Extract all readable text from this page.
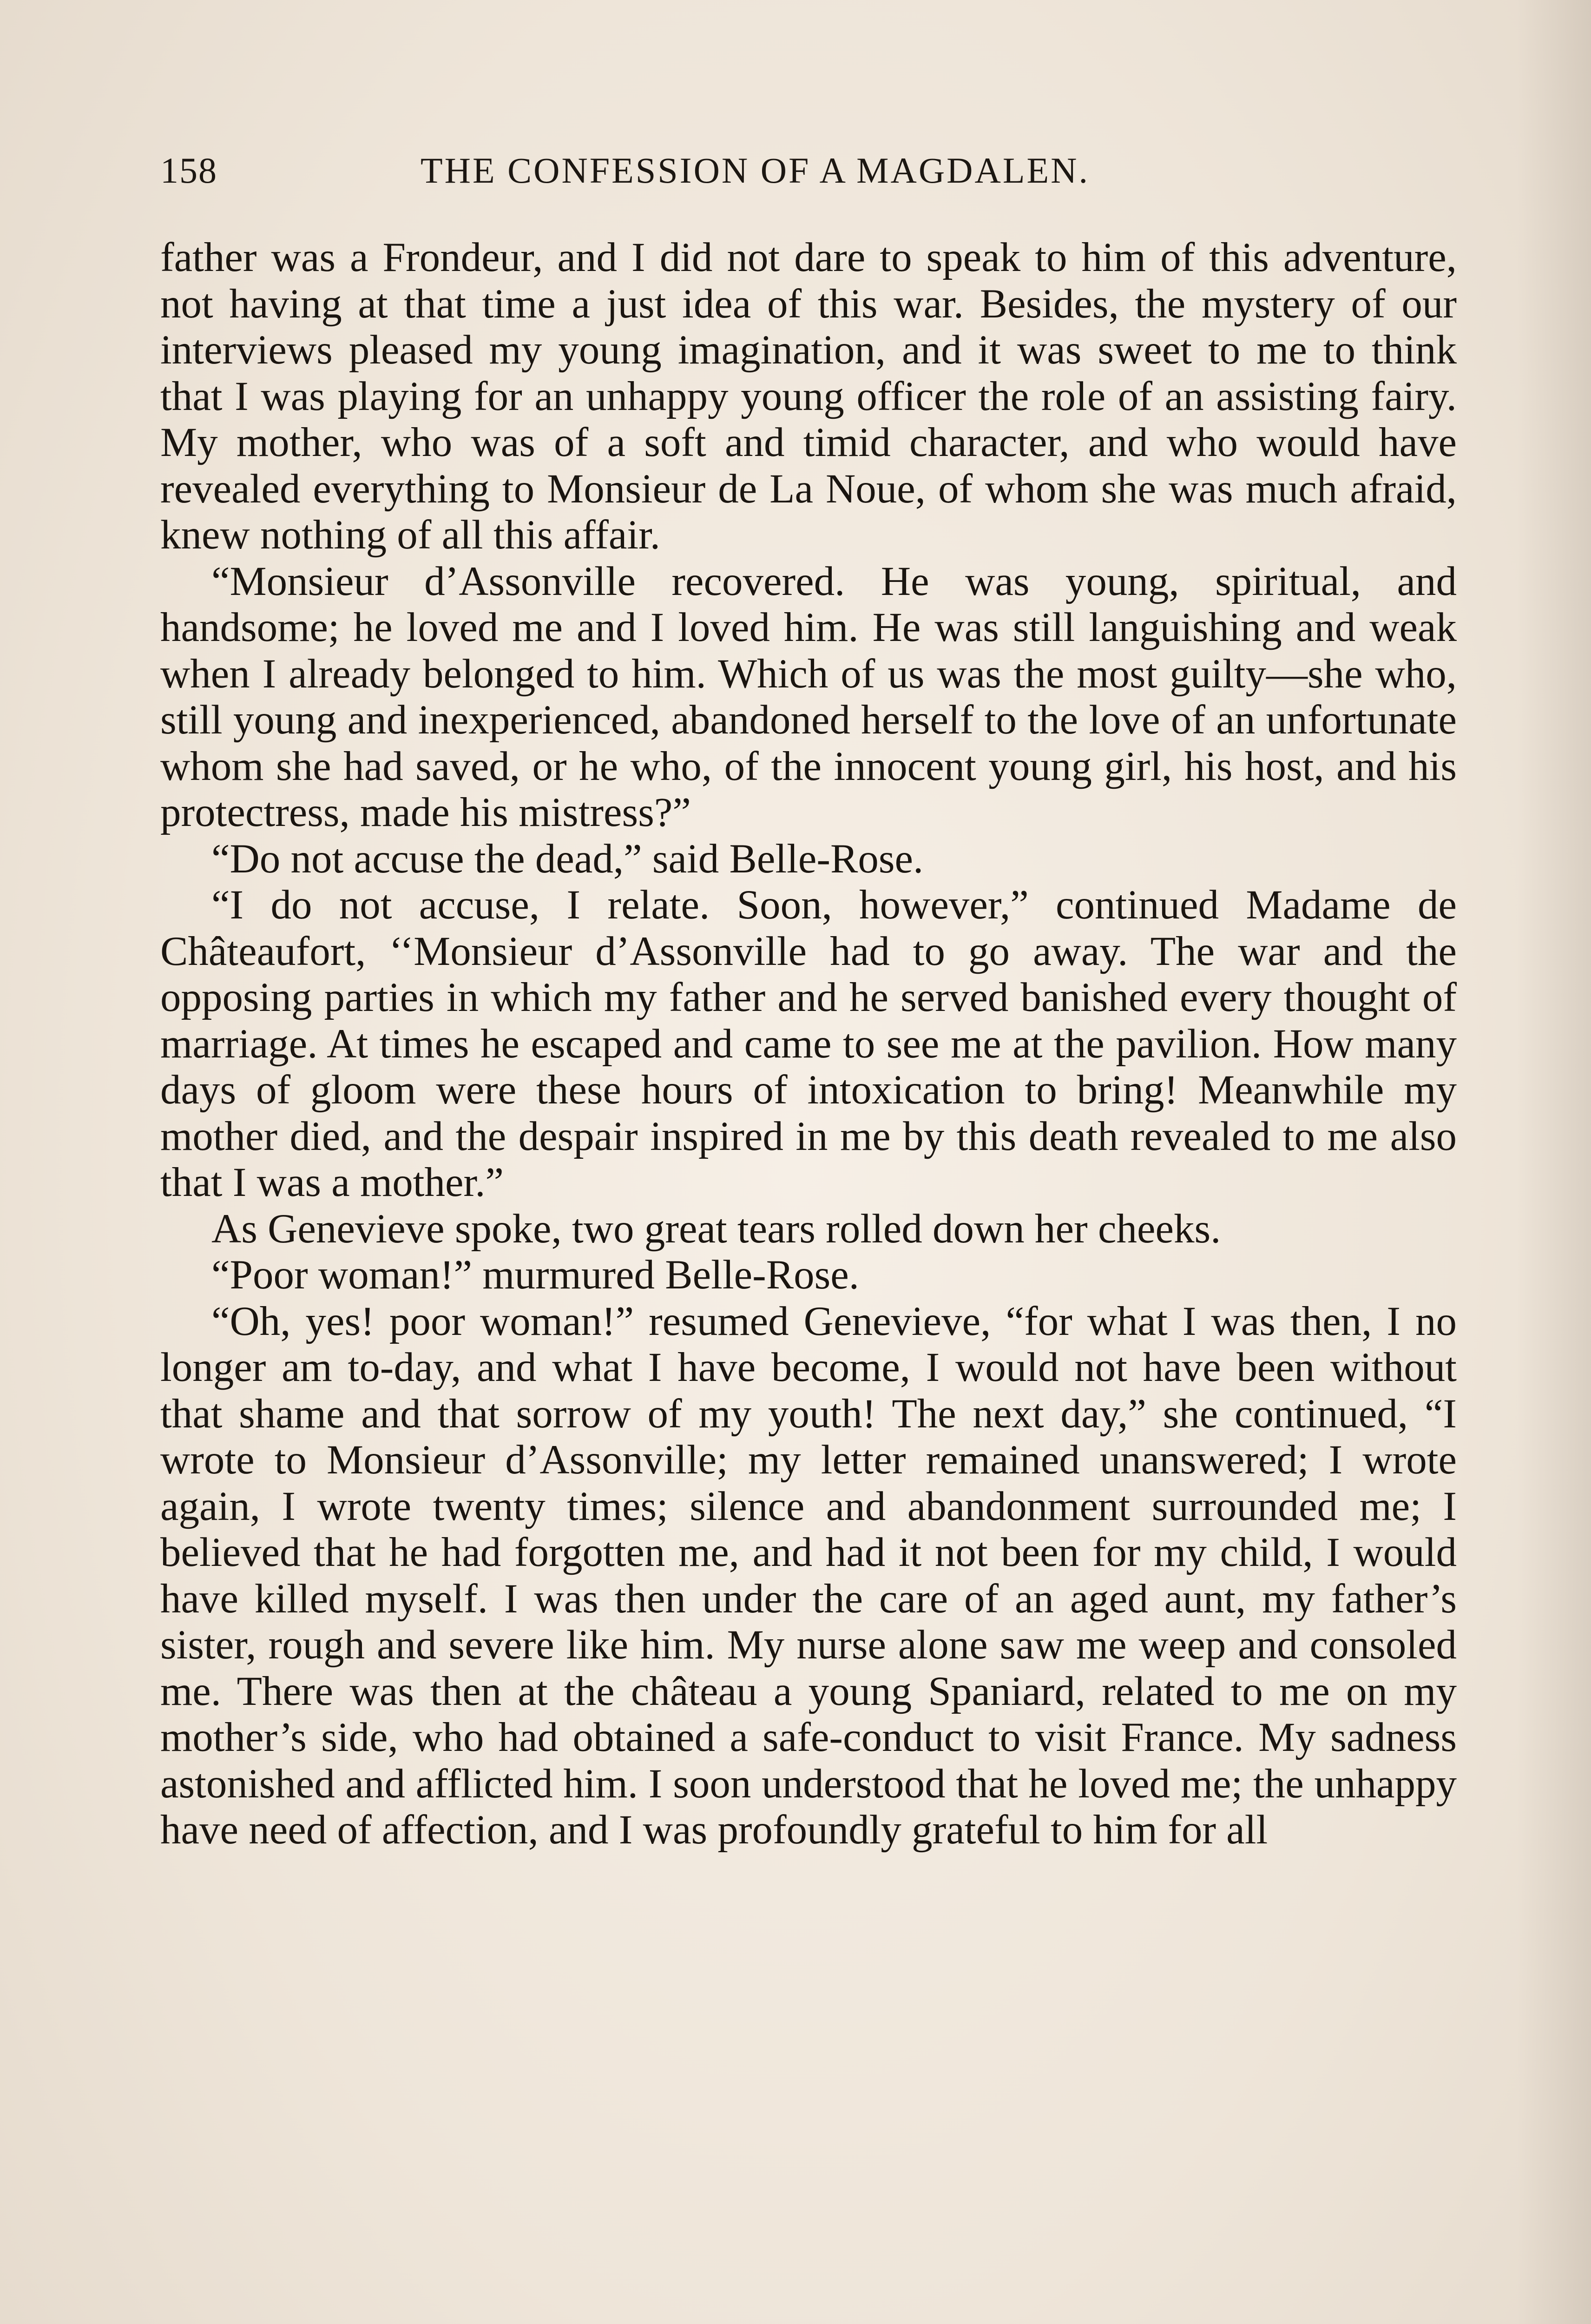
158	THE CONFESSION OF A MAGDALEN.

father was a Frondeur, and I did not dare to speak to him of this adventure, not having at that time a just idea of this war. Besides, the mystery of our interviews pleased my young imagination, and it was sweet to me to think that I was playing for an unhappy young officer the role of an assisting fairy. My mother, who was of a soft and timid character, and who would have revealed everything to Monsieur de La Noue, of whom she was much afraid, knew nothing of all this affair.

“Monsieur d’Assonville recovered. He was young, spiritual, and handsome; he loved me and I loved him. He was still languishing and weak when I already belonged to him. Which of us was the most guilty—she who, still young and inexperienced, abandoned herself to the love of an unfortunate whom she had saved, or he who, of the innocent young girl, his host, and his protectress, made his mistress?”

“Do not accuse the dead,” said Belle-Rose.

“I do not accuse, I relate. Soon, however,” continued Madame de Châteaufort, ‘‘Monsieur d’Assonville had to go away. The war and the opposing parties in which my father and he served banished every thought of marriage. At times he escaped and came to see me at the pavilion. How many days of gloom were these hours of intoxication to bring! Meanwhile my mother died, and the despair inspired in me by this death revealed to me also that I was a mother.”

As Genevieve spoke, two great tears rolled down her cheeks.

“Poor woman!” murmured Belle-Rose.

“Oh, yes! poor woman!” resumed Genevieve, “for what I was then, I no longer am to-day, and what I have become, I would not have been without that shame and that sorrow of my youth! The next day,” she continued, “I wrote to Monsieur d’Assonville; my letter remained unanswered; I wrote again, I wrote twenty times; silence and abandonment surrounded me; I believed that he had forgotten me, and had it not been for my child, I would have killed myself. I was then under the care of an aged aunt, my father’s sister, rough and severe like him. My nurse alone saw me weep and consoled me. There was then at the château a young Spaniard, related to me on my mother’s side, who had obtained a safe-conduct to visit France. My sadness astonished and afflicted him. I soon understood that he loved me; the unhappy have need of affection, and I was profoundly grateful to him for all
